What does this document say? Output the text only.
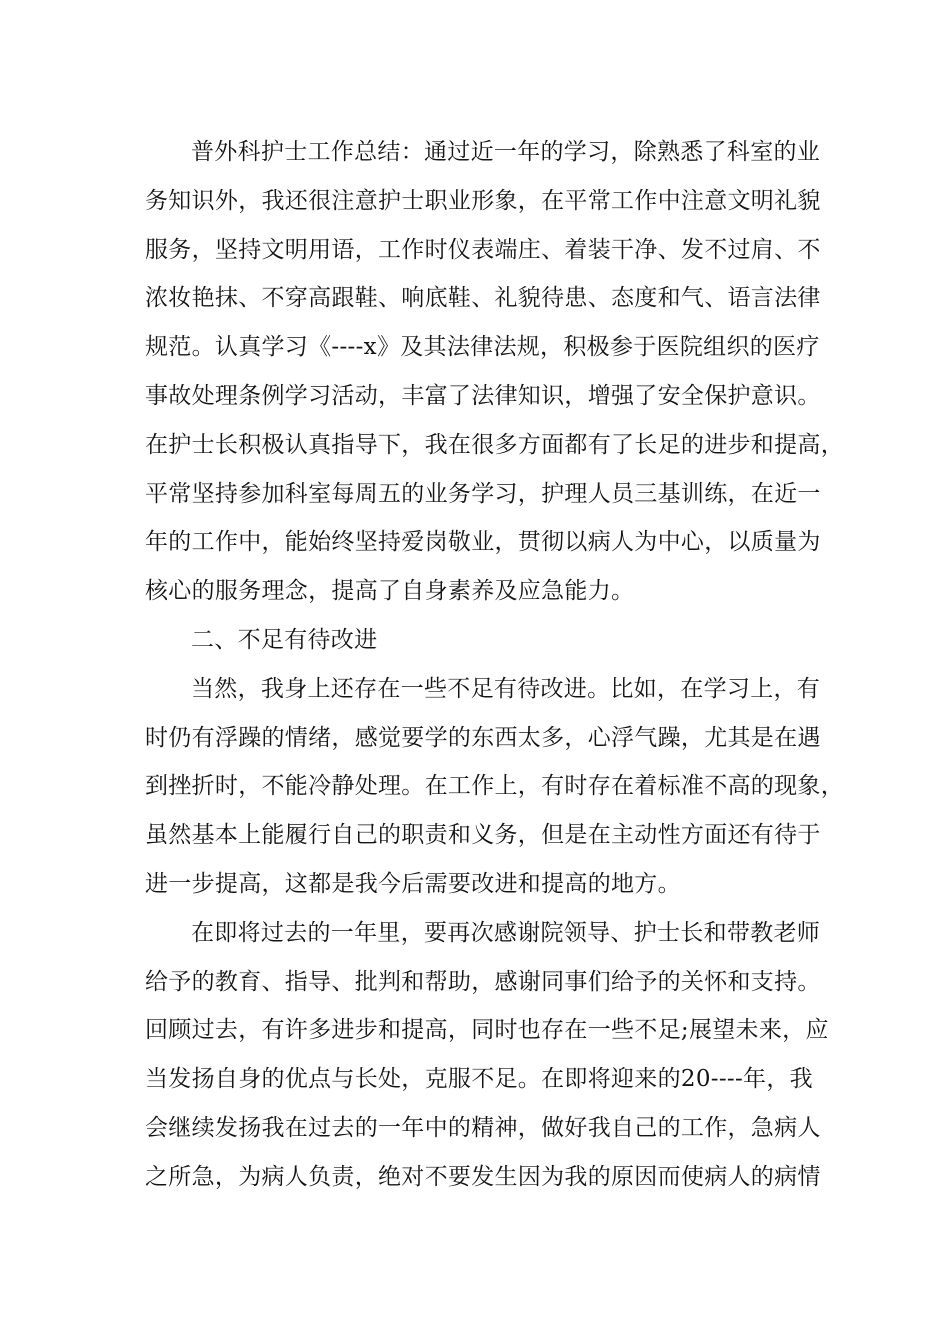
普外科护士工作总结：通过近一年的学习，除熟悉了科室的业
务知识外，我还很注意护士职业形象，在平常工作中注意文明礼貌
服务，坚持文明用语，工作时仪表端庄、着装干净、发不过肩、不
浓妆艳抹、不穿高跟鞋、响底鞋、礼貌待患、态度和气、语言法律
规范。认真学习《----x》及其法律法规，积极参于医院组织的医疗
事故处理条例学习活动，丰富了法律知识，增强了安全保护意识。
在护士长积极认真指导下，我在很多方面都有了长足的进步和提高，
平常坚持参加科室每周五的业务学习，护理人员三基训练，在近一
年的工作中，能始终坚持爱岗敬业，贯彻以病人为中心，以质量为
核心的服务理念，提高了自身素养及应急能力。
二、不足有待改进
当然，我身上还存在一些不足有待改进。比如，在学习上，有
时仍有浮躁的情绪，感觉要学的东西太多，心浮气躁，尤其是在遇
到挫折时，不能冷静处理。在工作上，有时存在着标准不高的现象，
虽然基本上能履行自己的职责和义务，但是在主动性方面还有待于
进一步提高，这都是我今后需要改进和提高的地方。
在即将过去的一年里，要再次感谢院领导、护士长和带教老师
给予的教育、指导、批判和帮助，感谢同事们给予的关怀和支持。
回顾过去，有许多进步和提高，同时也存在一些不足;展望未来，应
当发扬自身的优点与长处，克服不足。在即将迎来的20----年，我
会继续发扬我在过去的一年中的精神，做好我自己的工作，急病人
之所急，为病人负责，绝对不要发生因为我的原因而使病人的病情
